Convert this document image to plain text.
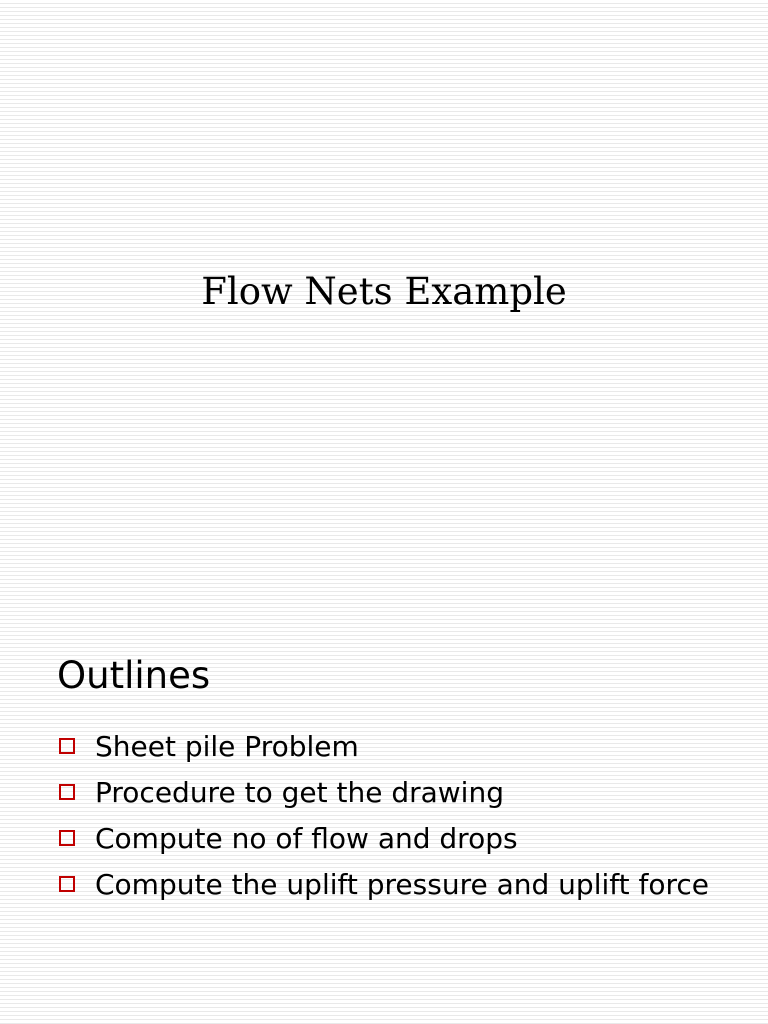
Flow Nets Example
Outlines
Sheet pile Problem
Procedure to get the drawing
Compute no of flow and drops
Compute the uplift pressure and uplift force
